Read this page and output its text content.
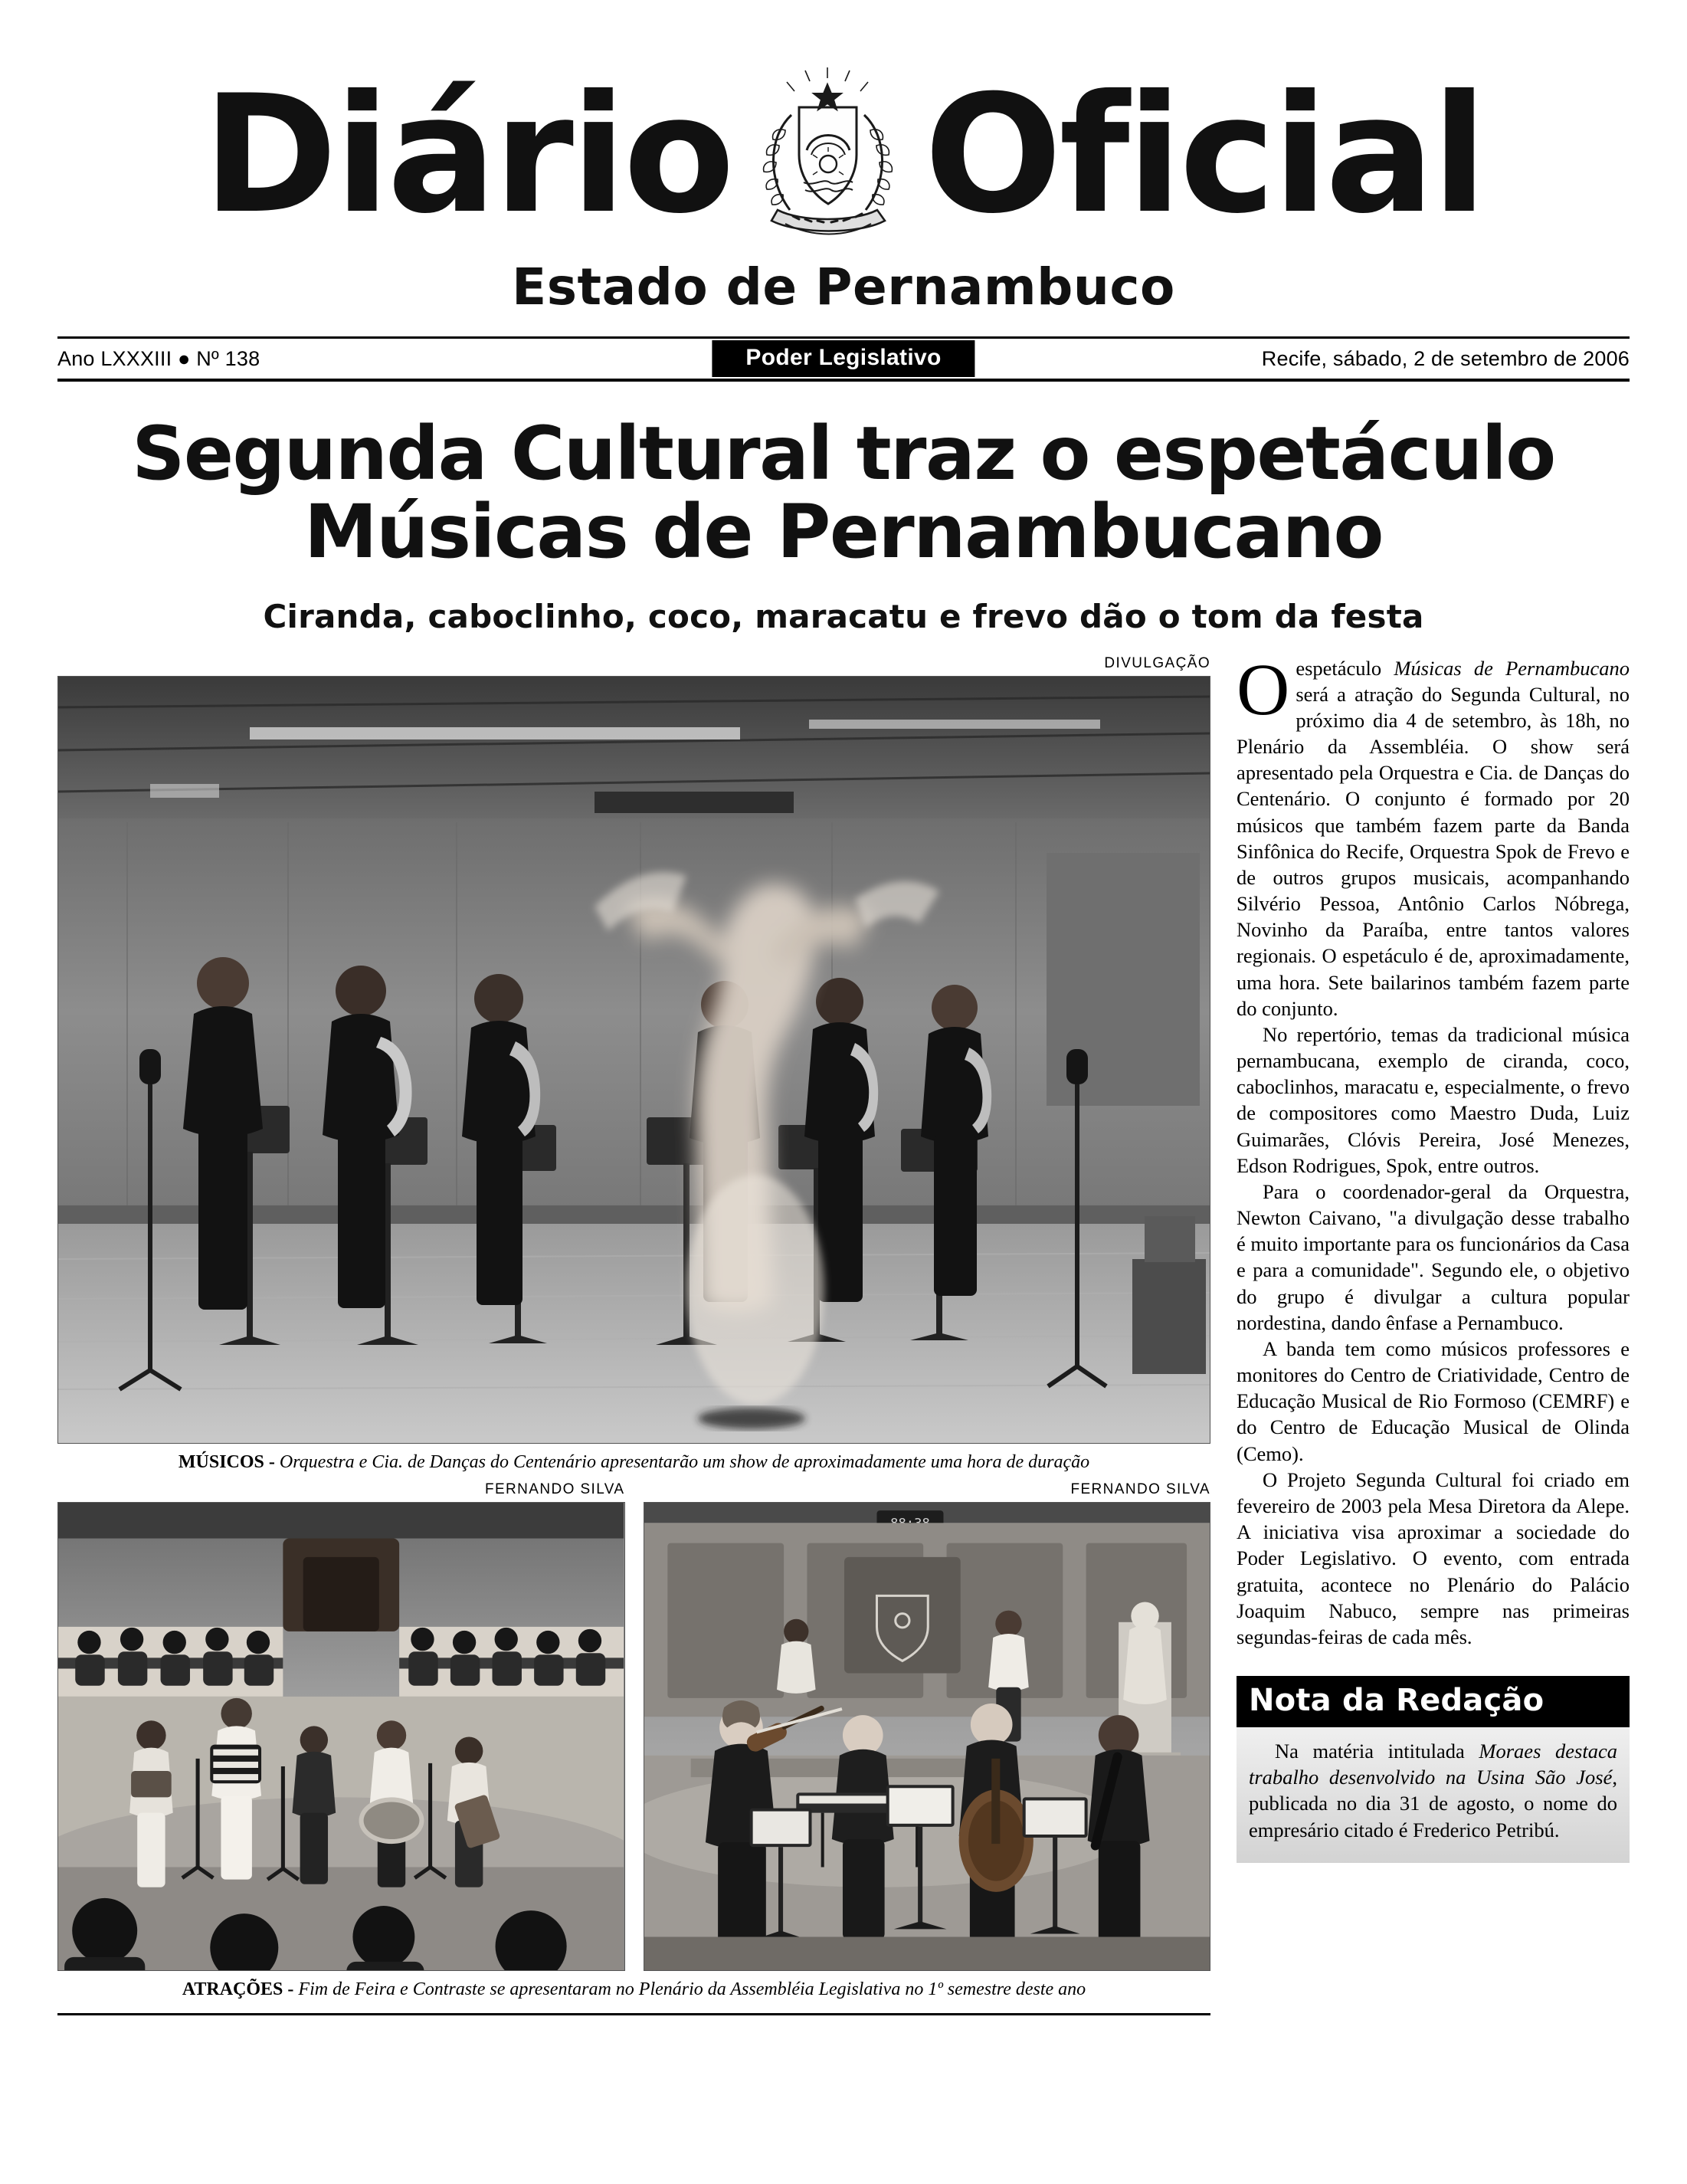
Diário Oficial
Estado de Pernambuco
Ano LXXXIII ● Nº 138	Poder Legislativo	Recife, sábado, 2 de setembro de 2006
Segunda Cultural traz o espetáculo
Músicas de Pernambucano
Ciranda, caboclinho, coco, maracatu e frevo dão o tom da festa
DIVULGAÇÃO
MÚSICOS - Orquestra e Cia. de Danças do Centenário apresentarão um show de aproximadamente uma hora de duração
FERNANDO SILVA	FERNANDO SILVA
ATRAÇÕES - Fim de Feira e Contraste se apresentaram no Plenário da Assembléia Legislativa no 1º semestre deste ano

Oespetáculo Músicas de Pernambucano será a atração do Segunda Cultural, no próximo dia 4 de setembro, às 18h, no Plenário da Assembléia. O show será apresentado pela Orquestra e Cia. de Danças do Centenário. O conjunto é formado por 20 músicos que também fazem parte da Banda Sinfônica do Recife, Orquestra Spok de Frevo e de outros grupos musicais, acompanhando Silvério Pessoa, Antônio Carlos Nóbrega, Novinho da Paraíba, entre tantos valores regionais. O espetáculo é de, aproximadamente, uma hora. Sete bailarinos também fazem parte do conjunto.

No repertório, temas da tradicional música pernambucana, exemplo de ciranda, coco, caboclinhos, maracatu e, especialmente, o frevo de compositores como Maestro Duda, Luiz Guimarães, Clóvis Pereira, José Menezes, Edson Rodrigues, Spok, entre outros.

Para o coordenador-geral da Orquestra, Newton Caivano, "a divulgação desse trabalho é muito importante para os funcionários da Casa e para a comunidade". Segundo ele, o objetivo do grupo é divulgar a cultura popular nordestina, dando ênfase a Pernambuco.

A banda tem como músicos professores e monitores do Centro de Criatividade, Centro de Educação Musical de Rio Formoso (CEMRF) e do Centro de Educação Musical de Olinda (Cemo).

O Projeto Segunda Cultural foi criado em fevereiro de 2003 pela Mesa Diretora da Alepe. A iniciativa visa aproximar a sociedade do Poder Legislativo. O evento, com entrada gratuita, acontece no Plenário do Palácio Joaquim Nabuco, sempre nas primeiras segundas-feiras de cada mês.

Nota da Redação
Na matéria intitulada Moraes destaca trabalho desenvolvido na Usina São José, publicada no dia 31 de agosto, o nome do empresário citado é Frederico Petribú.
